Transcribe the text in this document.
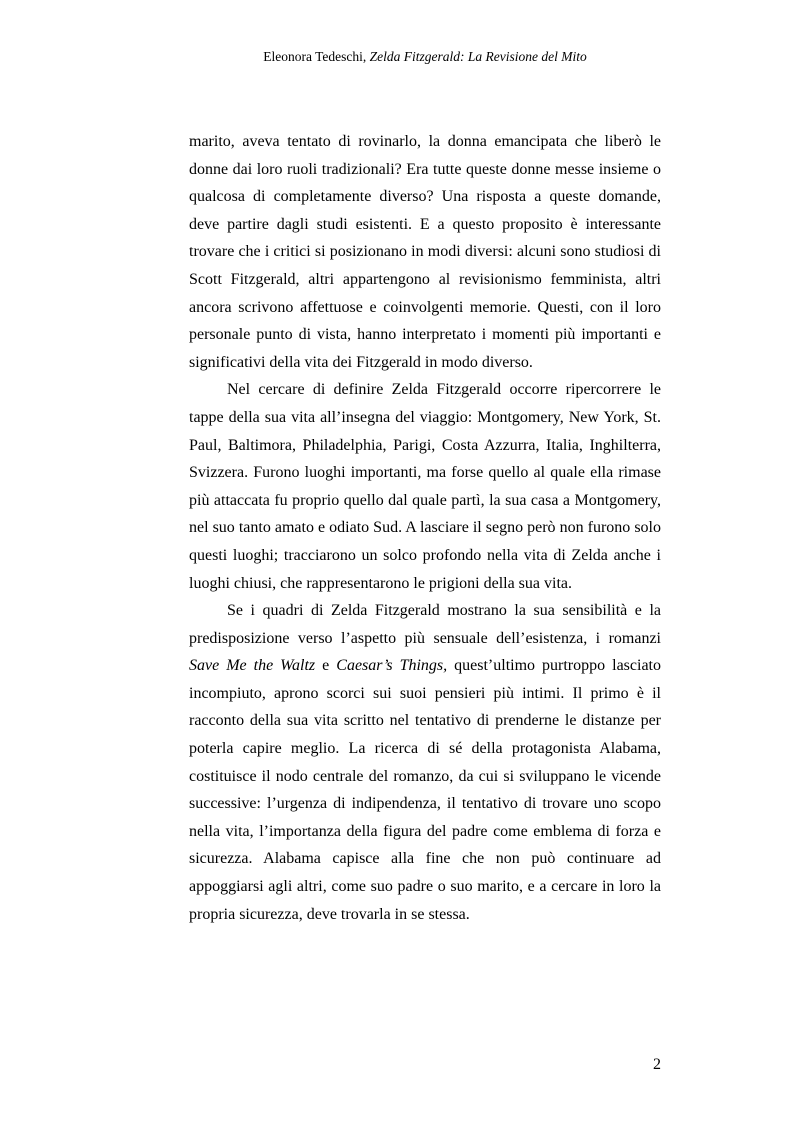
Eleonora Tedeschi, Zelda Fitzgerald: La Revisione del Mito

marito, aveva tentato di rovinarlo, la donna emancipata che liberò le donne dai loro ruoli tradizionali? Era tutte queste donne messe insieme o qualcosa di completamente diverso? Una risposta a queste domande, deve partire dagli studi esistenti. E a questo proposito è interessante trovare che i critici si posizionano in modi diversi: alcuni sono studiosi di Scott Fitzgerald, altri appartengono al revisionismo femminista, altri ancora scrivono affettuose e coinvolgenti memorie. Questi, con il loro personale punto di vista, hanno interpretato i momenti più importanti e significativi della vita dei Fitzgerald in modo diverso.

Nel cercare di definire Zelda Fitzgerald occorre ripercorrere le tappe della sua vita all’insegna del viaggio: Montgomery, New York, St. Paul, Baltimora, Philadelphia, Parigi, Costa Azzurra, Italia, Inghilterra, Svizzera. Furono luoghi importanti, ma forse quello al quale ella rimase più attaccata fu proprio quello dal quale partì, la sua casa a Montgomery, nel suo tanto amato e odiato Sud. A lasciare il segno però non furono solo questi luoghi; tracciarono un solco profondo nella vita di Zelda anche i luoghi chiusi, che rappresentarono le prigioni della sua vita.

Se i quadri di Zelda Fitzgerald mostrano la sua sensibilità e la predisposizione verso l’aspetto più sensuale dell’esistenza, i romanzi Save Me the Waltz e Caesar’s Things, quest’ultimo purtroppo lasciato incompiuto, aprono scorci sui suoi pensieri più intimi. Il primo è il racconto della sua vita scritto nel tentativo di prenderne le distanze per poterla capire meglio. La ricerca di sé della protagonista Alabama, costituisce il nodo centrale del romanzo, da cui si sviluppano le vicende successive: l’urgenza di indipendenza, il tentativo di trovare uno scopo nella vita, l’importanza della figura del padre come emblema di forza e sicurezza. Alabama capisce alla fine che non può continuare ad appoggiarsi agli altri, come suo padre o suo marito, e a cercare in loro la propria sicurezza, deve trovarla in se stessa.

2
